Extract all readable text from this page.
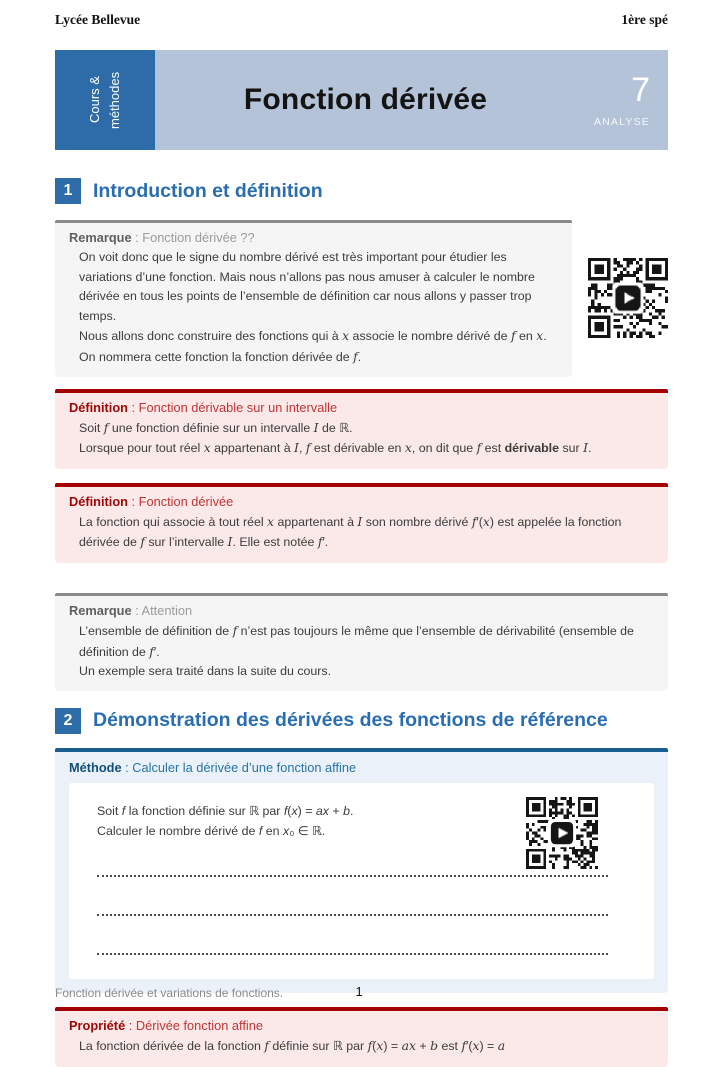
Lycée Bellevue	1ère spé
Cours & méthodes	Fonction dérivée	7
ANALYSE
1	Introduction et définition
Remarque : Fonction dérivée ??

On voit donc que le signe du nombre dérivé est très important pour étudier les variations d’une fonction. Mais nous n’allons pas nous amuser à calculer le nombre dérivée en tous les points de l’ensemble de définition car nous allons y passer trop temps.

Nous allons donc construire des fonctions qui à x associe le nombre dérivé de f en x.

On nommera cette fonction la fonction dérivée de f.

Définition : Fonction dérivable sur un intervalle

Soit f une fonction définie sur un intervalle I de ℝ.

Lorsque pour tout réel x appartenant à I, f est dérivable en x, on dit que f est dérivable sur I.

Définition : Fonction dérivée

La fonction qui associe à tout réel x appartenant à I son nombre dérivé f′(x) est appelée la fonction dérivée de f sur l’intervalle I. Elle est notée f′.

Remarque : Attention

L’ensemble de définition de f n’est pas toujours le même que l’ensemble de dérivabilité (ensemble de définition de f′.

Un exemple sera traité dans la suite du cours.

2	Démonstration des dérivées des fonctions de référence
Méthode : Calculer la dérivée d’une fonction affine

Soit f la fonction définie sur ℝ par f(x) = ax + b.

Calculer le nombre dérivé de f en x₀ ∈ ℝ.

Propriété : Dérivée fonction affine

La fonction dérivée de la fonction f définie sur ℝ par f(x) = ax + b est f′(x) = a

Fonction dérivée et variations de fonctions.	1
